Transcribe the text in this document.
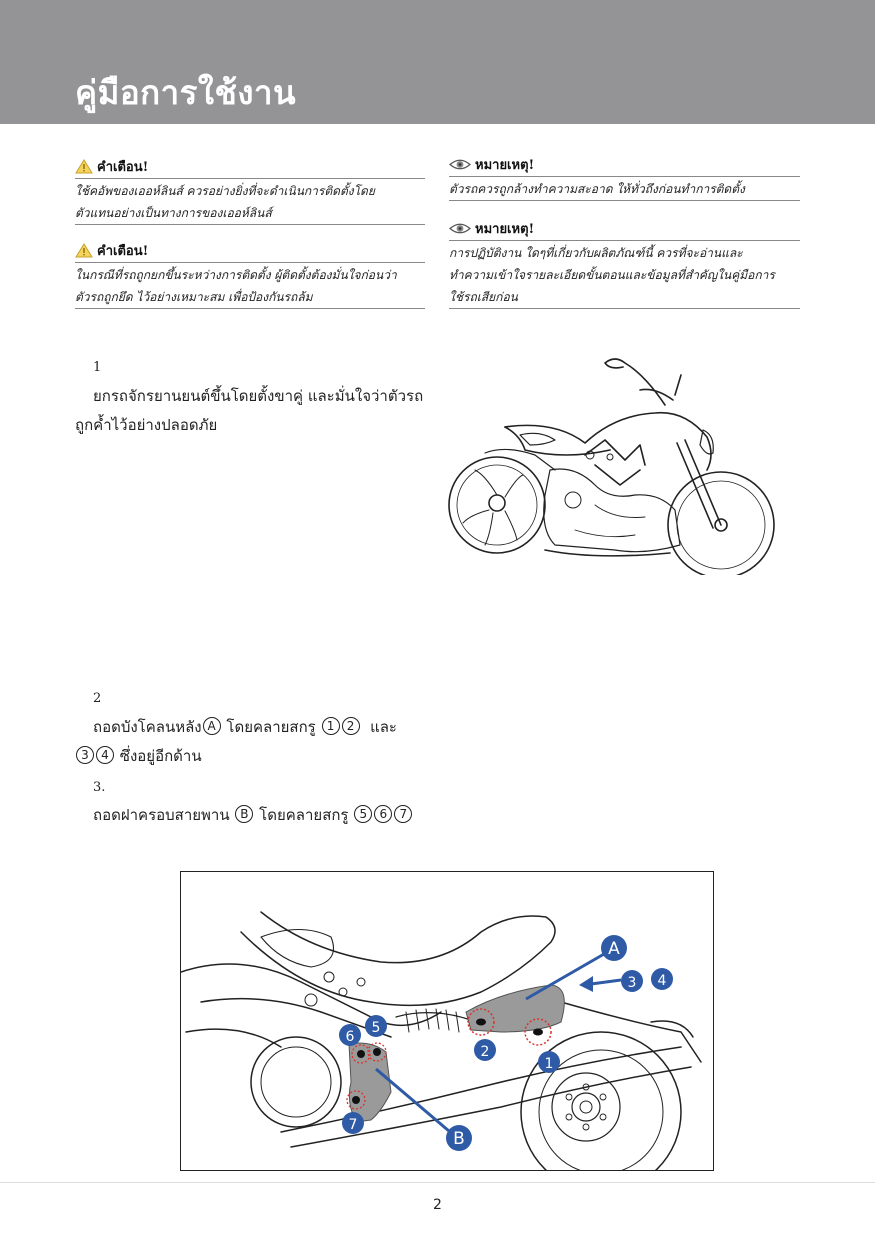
คู่มือการใช้งาน
คำเตือน!
ใช้คอัพของเออห์ลินส์ ควรอย่างยิ่งที่จะดำเนินการติดตั้งโดย
ตัวแทนอย่างเป็นทางการของเออห์ลินส์
คำเตือน!
ในกรณีที่รถถูกยกขึ้นระหว่างการติดตั้ง ผู้ติดตั้งต้องมั่นใจก่อนว่า
ตัวรถถูกยึด ไว้อย่างเหมาะสม เพื่อป้องกันรถล้ม
หมายเหตุ!
ตัวรถควรถูกล้างทำความสะอาด ให้ทั่วถึงก่อนทำการติดตั้ง
หมายเหตุ!
การปฏิบัติงาน ใดๆที่เกี่ยวกับผลิตภัณฑ์นี้ ควรที่จะอ่านและ
ทำความเข้าใจรายละเอียดขั้นตอนและข้อมูลที่สำคัญในคู่มือการ
ใช้รถเสียก่อน
1
ยกรถจักรยานยนต์ขึ้นโดยตั้งขาคู่ และมั่นใจว่าตัวรถ
ถูกค้ำไว้อย่างปลอดภัย
2
ถอดบังโคลนหลัง A โดยคลายสกรู 1 2 และ
3 4 ซึ่งอยู่อีกด้าน
3.
ถอดฝาครอบสายพาน B โดยคลายสกรู 5 6 7
A
B
1
2
3 4
5
6
7
2
